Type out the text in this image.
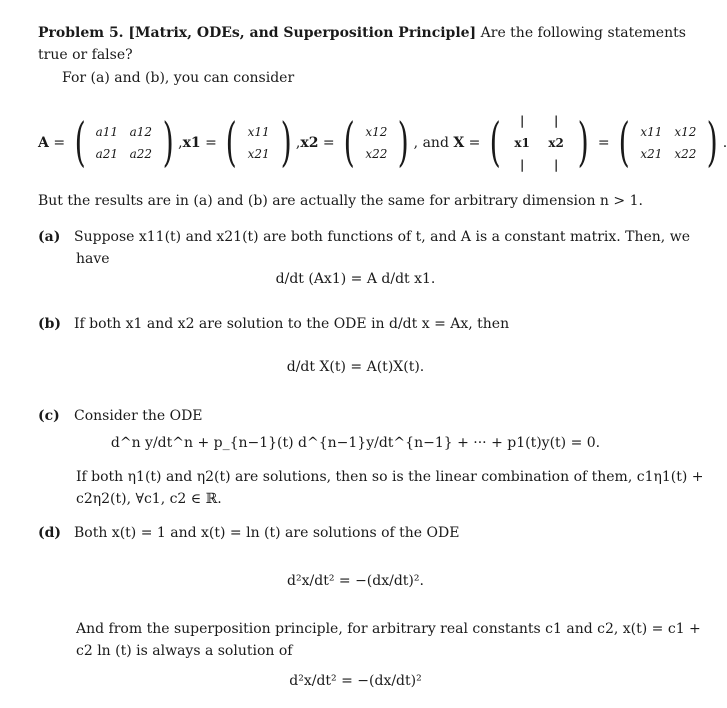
Problem 5. [Matrix, ODEs, and Superposition Principle] Are the following statements
true or false?
For (a) and (b), you can consider
A = ( a11 a12
a21 a22 ) ,x1 = ( x11
x21 ) ,x2 = ( x12
x22 ) , and X = (	| |
x1 x2
| | ) = ( x11 x12
x21 x22 ) .
But the results are in (a) and (b) are actually the same for arbitrary dimension n > 1.
(a) Suppose x11(t) and x21(t) are both functions of t, and A is a constant matrix. Then, we
have
d/dt (Ax1) = A d/dt x1.
(b) If both x1 and x2 are solution to the ODE in d/dt x = Ax, then
d/dt X(t) = A(t)X(t).
(c) Consider the ODE
d^n y/dt^n + p_{n−1}(t) d^{n−1}y/dt^{n−1} + ··· + p1(t)y(t) = 0.
If both η1(t) and η2(t) are solutions, then so is the linear combination of them, c1η1(t) +
c2η2(t), ∀c1, c2 ∈ ℝ.
(d) Both x(t) = 1 and x(t) = ln (t) are solutions of the ODE
d²x/dt² = −(dx/dt)².
And from the superposition principle, for arbitrary real constants c1 and c2, x(t) = c1 +
c2 ln (t) is always a solution of
d²x/dt² = −(dx/dt)²
